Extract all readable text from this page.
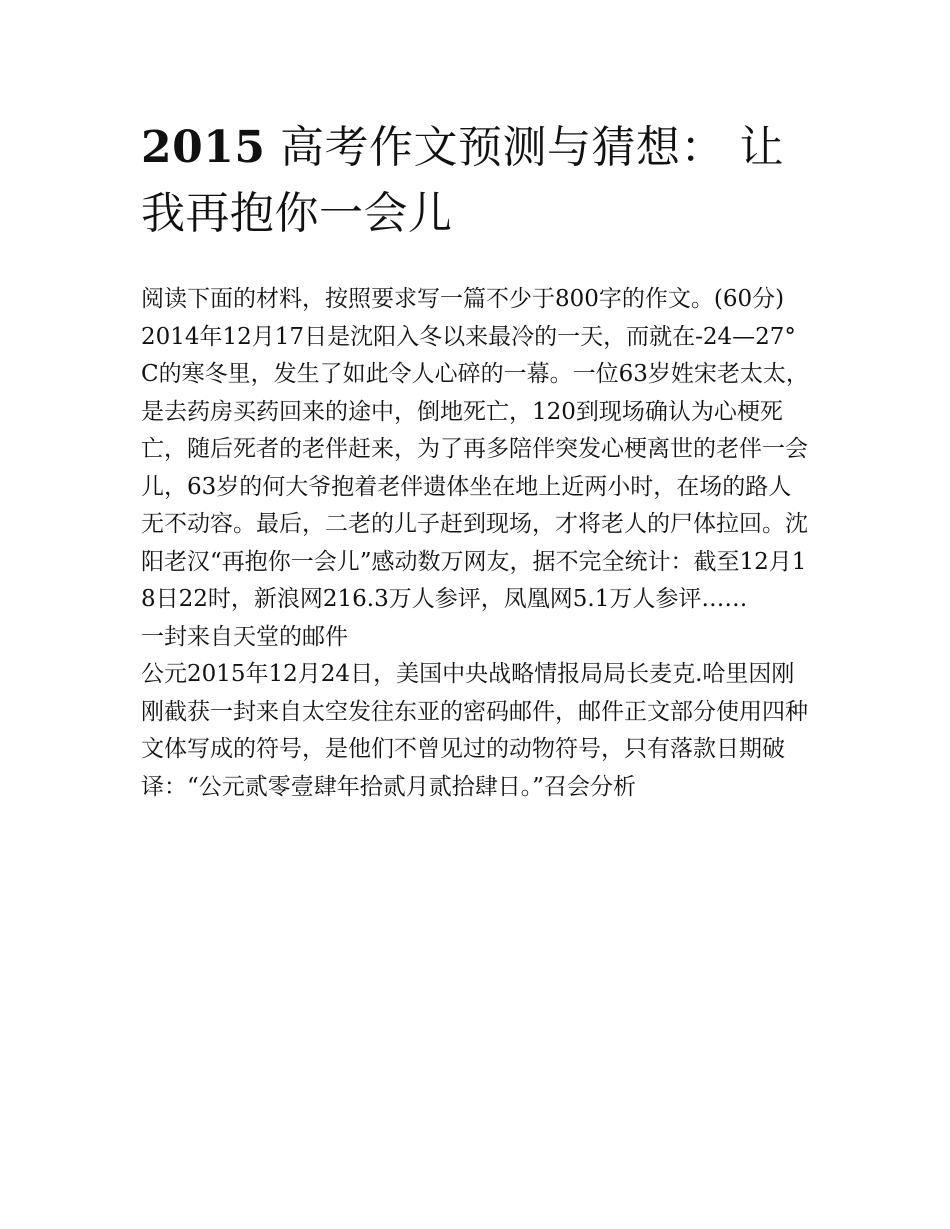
2015 高考作文预测与猜想： 让我再抱你一会儿

阅读下面的材料，按照要求写一篇不少于800字的作文。(60分)

2014年12月17日是沈阳入冬以来最冷的一天，而就在-24—27°C的寒冬里，发生了如此令人心碎的一幕。一位63岁姓宋老太太，是去药房买药回来的途中，倒地死亡，120到现场确认为心梗死亡，随后死者的老伴赶来，为了再多陪伴突发心梗离世的老伴一会儿，63岁的何大爷抱着老伴遗体坐在地上近两小时，在场的路人无不动容。最后，二老的儿子赶到现场，才将老人的尸体拉回。沈阳老汉“再抱你一会儿”感动数万网友，据不完全统计：截至12月18日22时，新浪网216.3万人参评，凤凰网5.1万人参评……

一封来自天堂的邮件

公元2015年12月24日，美国中央战略情报局局长麦克.哈里因刚刚截获一封来自太空发往东亚的密码邮件，邮件正文部分使用四种文体写成的符号，是他们不曾见过的动物符号，只有落款日期破译：“公元贰零壹肆年拾贰月贰拾肆日。”召会分析
